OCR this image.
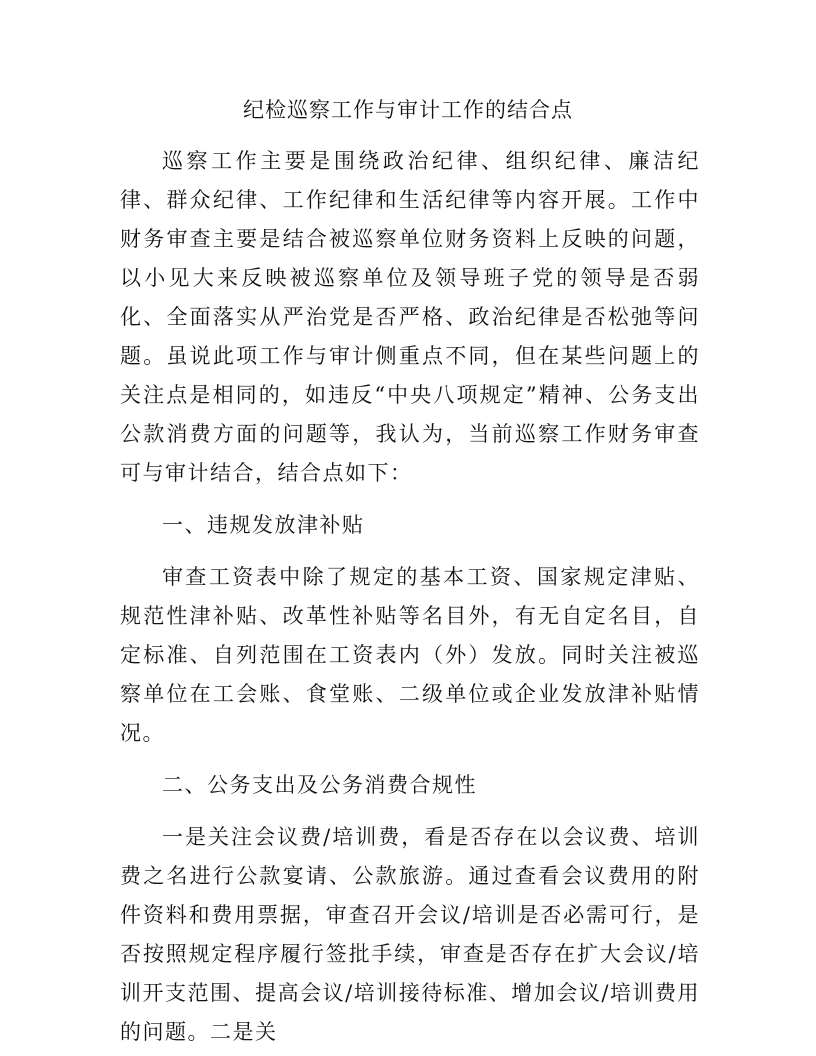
纪检巡察工作与审计工作的结合点

巡察工作主要是围绕政治纪律、组织纪律、廉洁纪律、群众纪律、工作纪律和生活纪律等内容开展。工作中财务审查主要是结合被巡察单位财务资料上反映的问题，以小见大来反映被巡察单位及领导班子党的领导是否弱化、全面落实从严治党是否严格、政治纪律是否松弛等问题。虽说此项工作与审计侧重点不同，但在某些问题上的关注点是相同的，如违反“中央八项规定”精神、公务支出公款消费方面的问题等，我认为，当前巡察工作财务审查可与审计结合，结合点如下：

一、违规发放津补贴

审查工资表中除了规定的基本工资、国家规定津贴、规范性津补贴、改革性补贴等名目外，有无自定名目，自定标准、自列范围在工资表内（外）发放。同时关注被巡察单位在工会账、食堂账、二级单位或企业发放津补贴情况。

二、公务支出及公务消费合规性

一是关注会议费/培训费，看是否存在以会议费、培训费之名进行公款宴请、公款旅游。通过查看会议费用的附件资料和费用票据，审查召开会议/培训是否必需可行，是否按照规定程序履行签批手续，审查是否存在扩大会议/培训开支范围、提高会议/培训接待标准、增加会议/培训费用的问题。二是关
